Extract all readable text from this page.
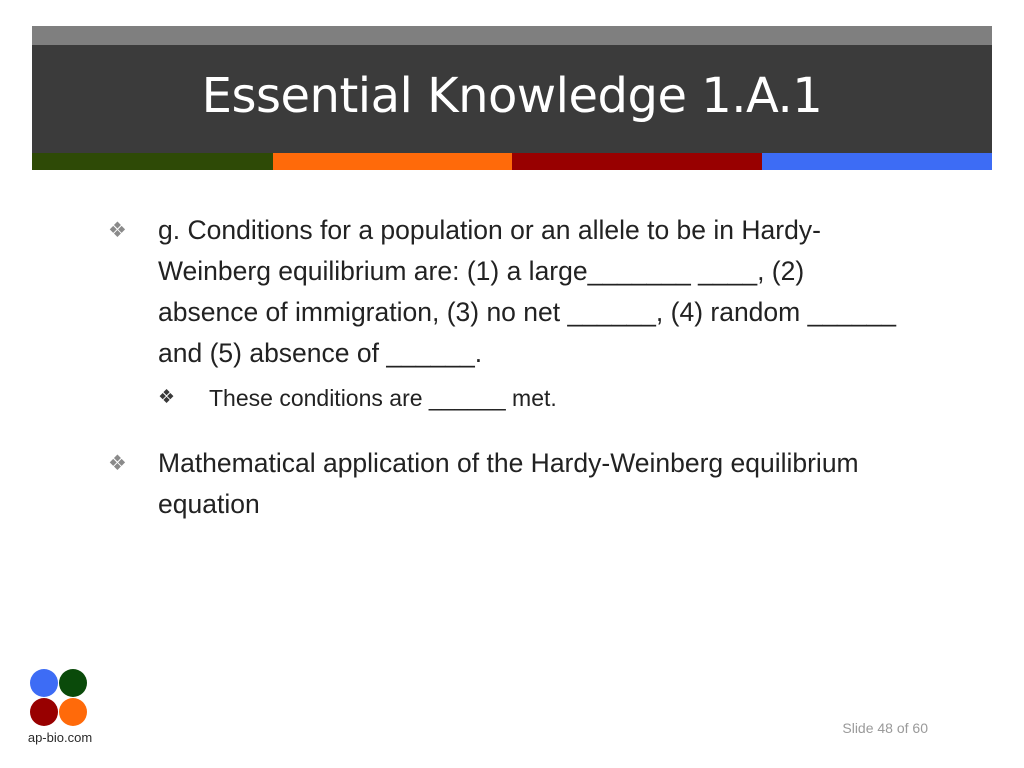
Essential Knowledge 1.A.1
❖ g. Conditions for a population or an allele to be in Hardy-Weinberg equilibrium are: (1) a large_______ ____, (2) absence of immigration, (3) no net ______, (4) random ______ and (5) absence of ______.
❖ These conditions are ______ met.
❖ Mathematical application of the Hardy-Weinberg equilibrium equation
ap-bio.com
Slide 48 of 60
